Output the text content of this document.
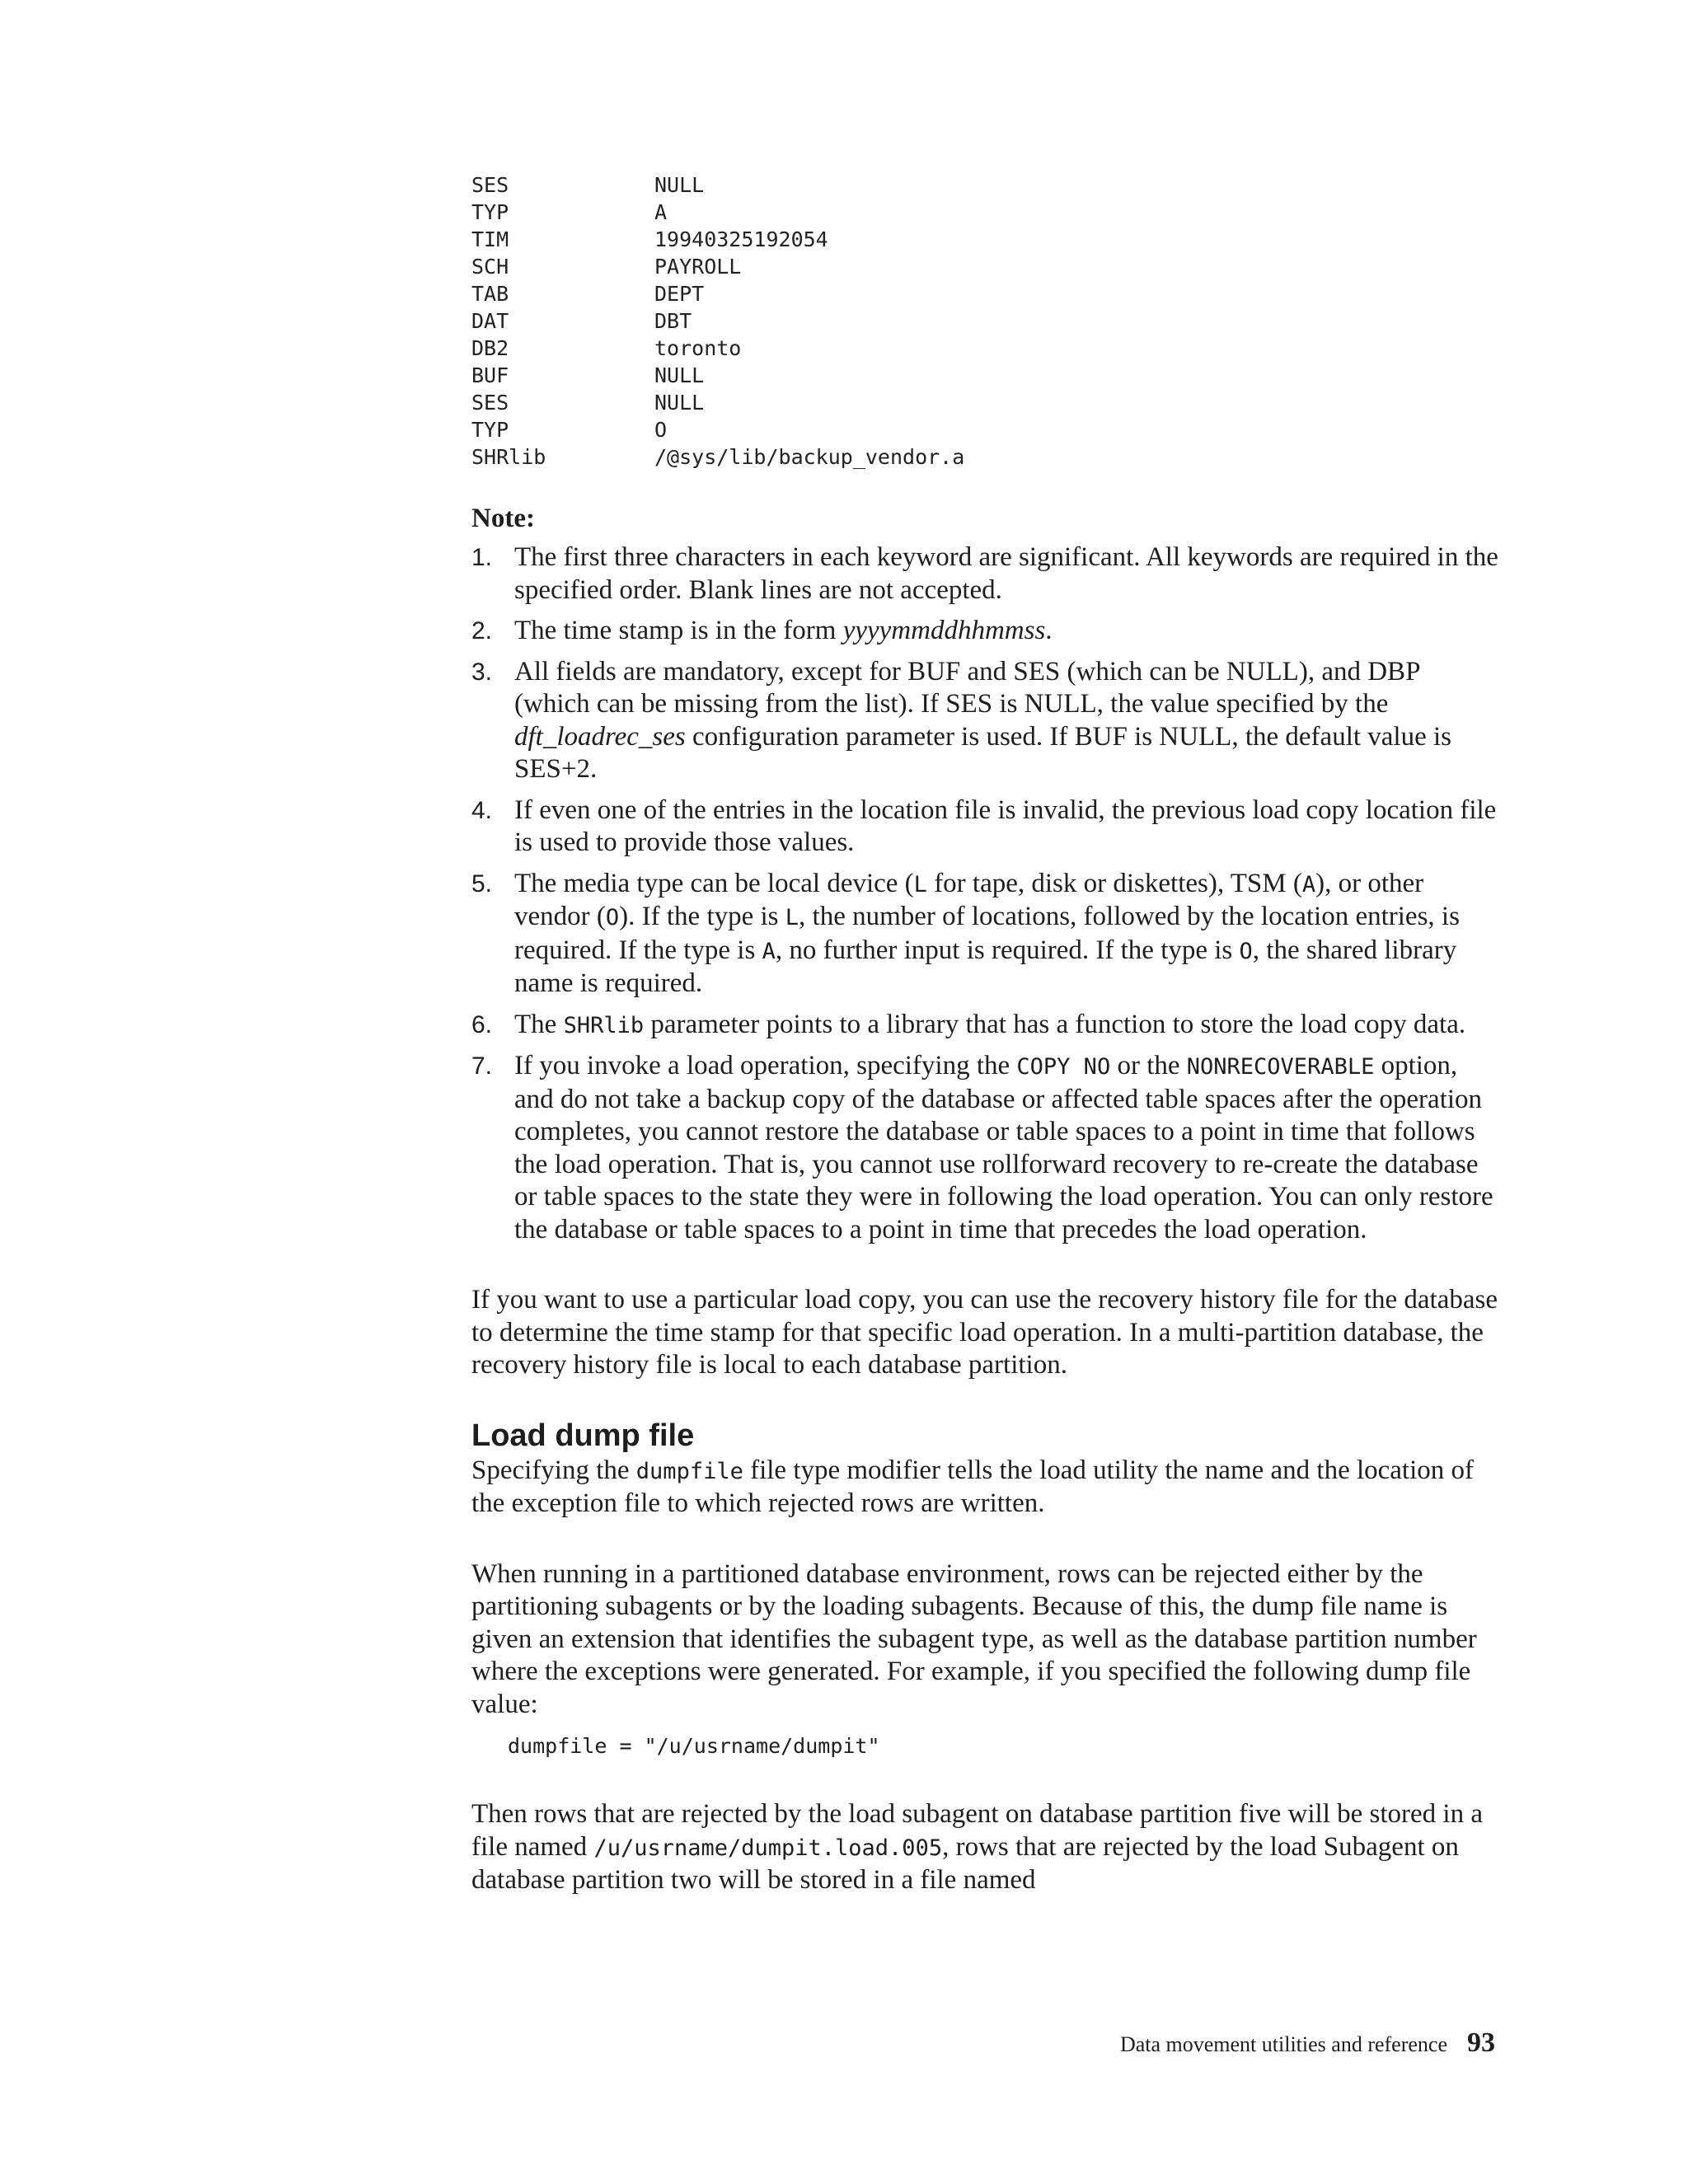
SES	NULL
TYP	A
TIM	19940325192054
SCH	PAYROLL
TAB	DEPT
DAT	DBT
DB2	toronto
BUF	NULL
SES	NULL
TYP	O
SHRlib	/@sys/lib/backup_vendor.a
Note:
1. The first three characters in each keyword are significant. All keywords are required in the specified order. Blank lines are not accepted.
2. The time stamp is in the form yyyymmddhhmmss.
3. All fields are mandatory, except for BUF and SES (which can be NULL), and DBP (which can be missing from the list). If SES is NULL, the value specified by the dft_loadrec_ses configuration parameter is used. If BUF is NULL, the default value is SES+2.
4. If even one of the entries in the location file is invalid, the previous load copy location file is used to provide those values.
5. The media type can be local device (L for tape, disk or diskettes), TSM (A), or other vendor (O). If the type is L, the number of locations, followed by the location entries, is required. If the type is A, no further input is required. If the type is O, the shared library name is required.
6. The SHRlib parameter points to a library that has a function to store the load copy data.
7. If you invoke a load operation, specifying the COPY NO or the NONRECOVERABLE option, and do not take a backup copy of the database or affected table spaces after the operation completes, you cannot restore the database or table spaces to a point in time that follows the load operation. That is, you cannot use rollforward recovery to re-create the database or table spaces to the state they were in following the load operation. You can only restore the database or table spaces to a point in time that precedes the load operation.

If you want to use a particular load copy, you can use the recovery history file for the database to determine the time stamp for that specific load operation. In a multi-partition database, the recovery history file is local to each database partition.

Load dump file

Specifying the dumpfile file type modifier tells the load utility the name and the location of the exception file to which rejected rows are written.

When running in a partitioned database environment, rows can be rejected either by the partitioning subagents or by the loading subagents. Because of this, the dump file name is given an extension that identifies the subagent type, as well as the database partition number where the exceptions were generated. For example, if you specified the following dump file value:

dumpfile = "/u/usrname/dumpit"

Then rows that are rejected by the load subagent on database partition five will be stored in a file named /u/usrname/dumpit.load.005, rows that are rejected by the load Subagent on database partition two will be stored in a file named

Data movement utilities and reference 93
